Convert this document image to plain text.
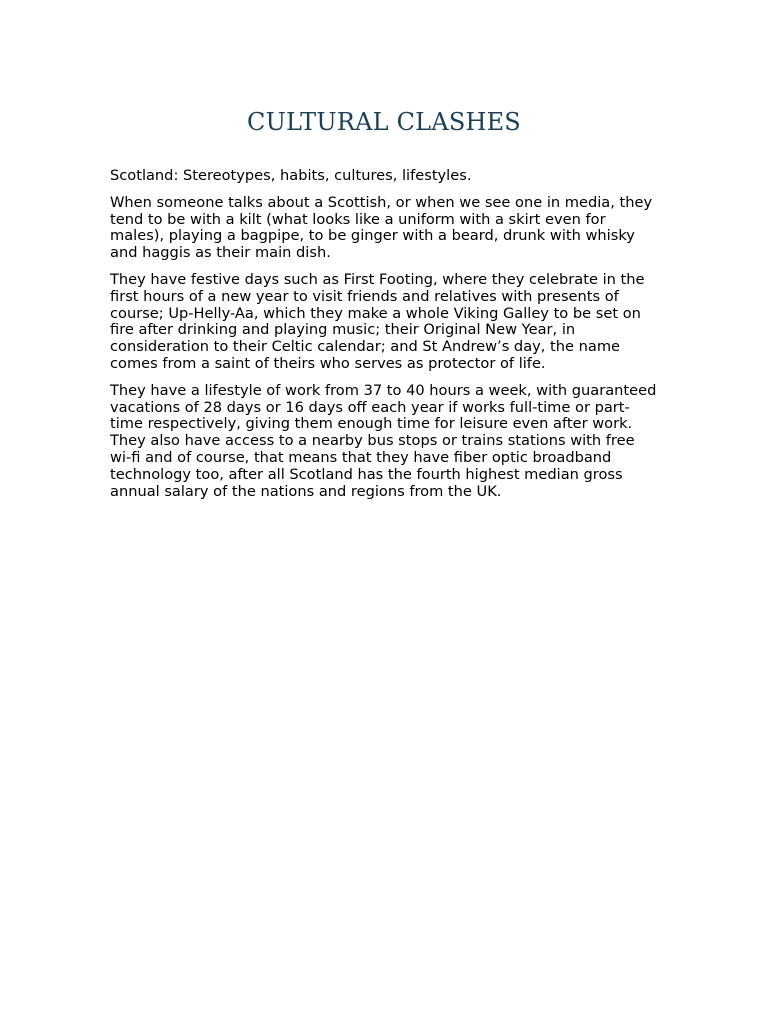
CULTURAL CLASHES

Scotland: Stereotypes, habits, cultures, lifestyles.

When someone talks about a Scottish, or when we see one in media, they tend to be with a kilt (what looks like a uniform with a skirt even for males), playing a bagpipe, to be ginger with a beard, drunk with whisky and haggis as their main dish.

They have festive days such as First Footing, where they celebrate in the first hours of a new year to visit friends and relatives with presents of course; Up-Helly-Aa, which they make a whole Viking Galley to be set on fire after drinking and playing music; their Original New Year, in consideration to their Celtic calendar; and St Andrew’s day, the name comes from a saint of theirs who serves as protector of life.

They have a lifestyle of work from 37 to 40 hours a week, with guaranteed vacations of 28 days or 16 days off each year if works full-time or part-time respectively, giving them enough time for leisure even after work. They also have access to a nearby bus stops or trains stations with free wi-fi and of course, that means that they have fiber optic broadband technology too, after all Scotland has the fourth highest median gross annual salary of the nations and regions from the UK.
